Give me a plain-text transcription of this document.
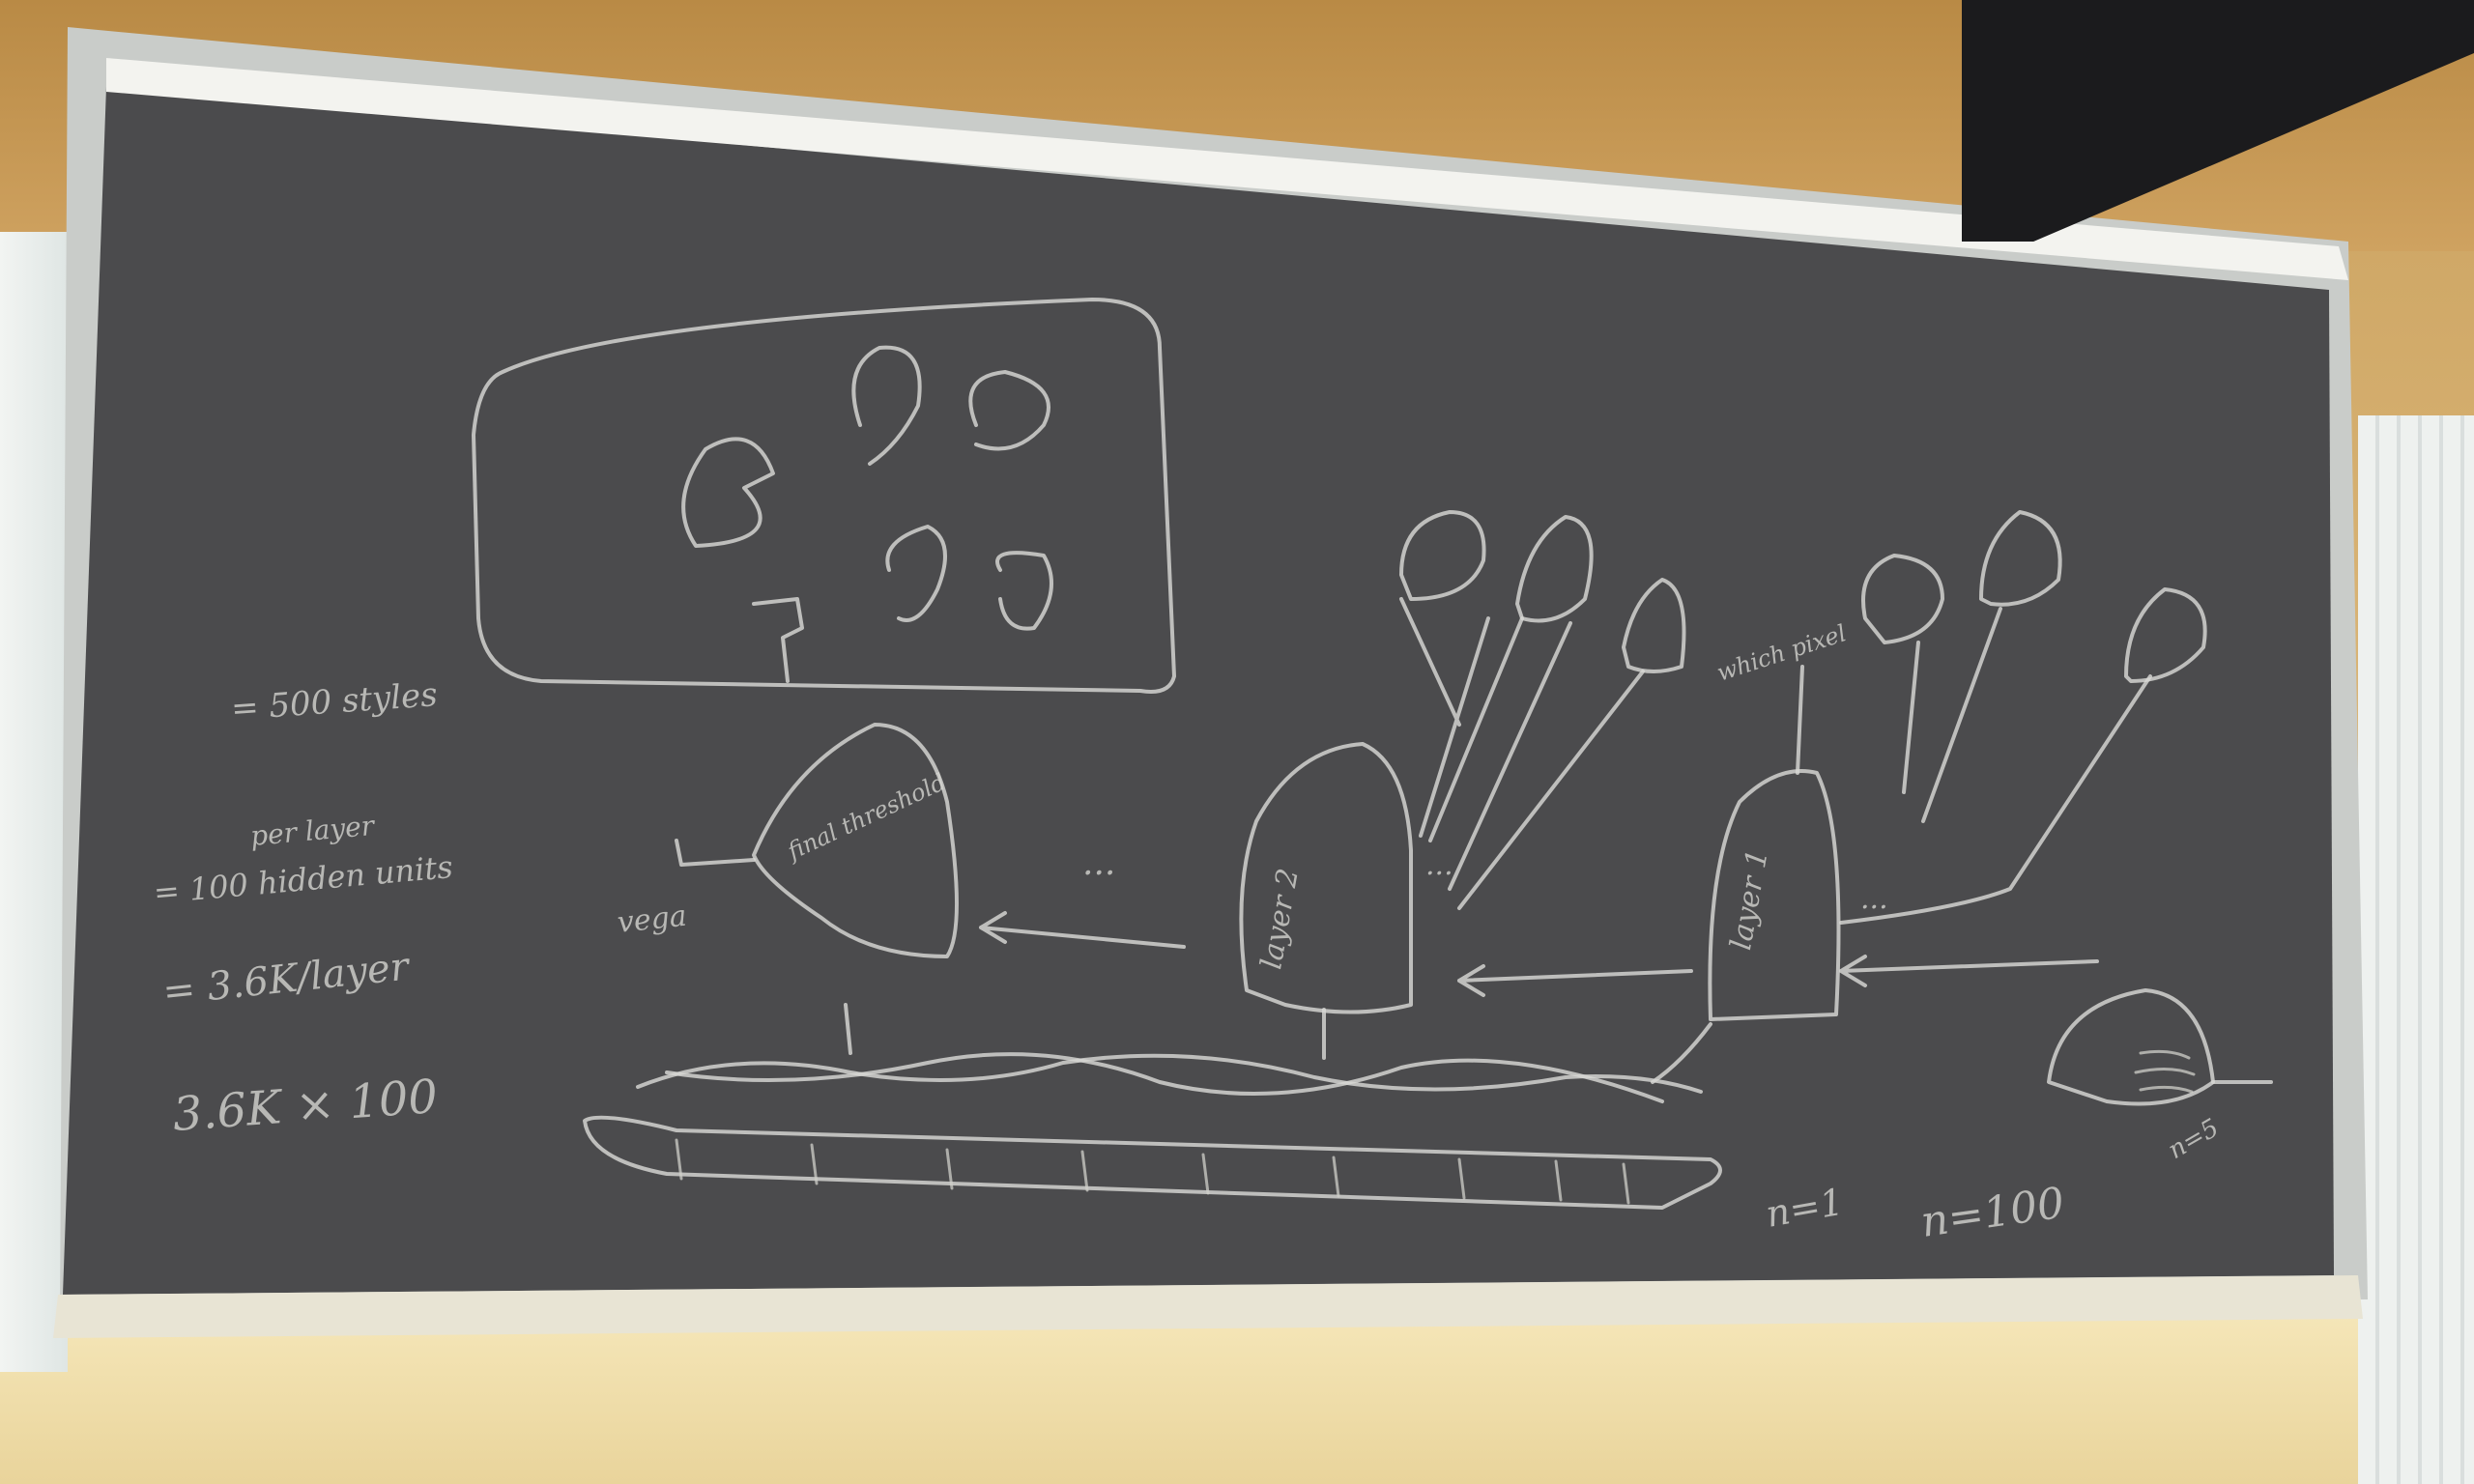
= 500 styles
= 100 hidden units
per layer
= 3.6K/layer
3.6K × 100
final threshold
vega	layer 2	layer 1
which pixel
n=1 n=100
n=5
...	...
...
